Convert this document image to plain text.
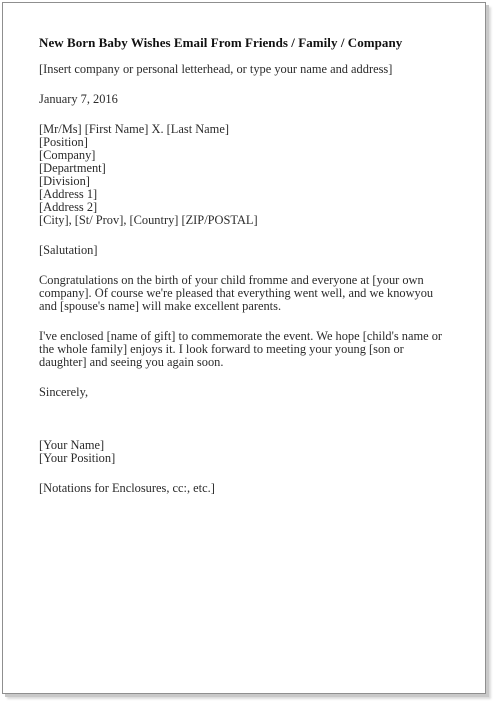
New Born Baby Wishes Email From Friends / Family / Company
[Insert company or personal letterhead, or type your name and address]
January 7, 2016
[Mr/Ms] [First Name] X. [Last Name]
[Position]
[Company]
[Department]
[Division]
[Address 1]
[Address 2]
[City], [St/ Prov], [Country] [ZIP/POSTAL]
[Salutation]
Congratulations on the birth of your child fromme and everyone at [your own
company]. Of course we're pleased that everything went well, and we knowyou
and [spouse's name] will make excellent parents.
I've enclosed [name of gift] to commemorate the event. We hope [child's name or
the whole family] enjoys it. I look forward to meeting your young [son or
daughter] and seeing you again soon.
Sincerely,
[Your Name]
[Your Position]
[Notations for Enclosures, cc:, etc.]
